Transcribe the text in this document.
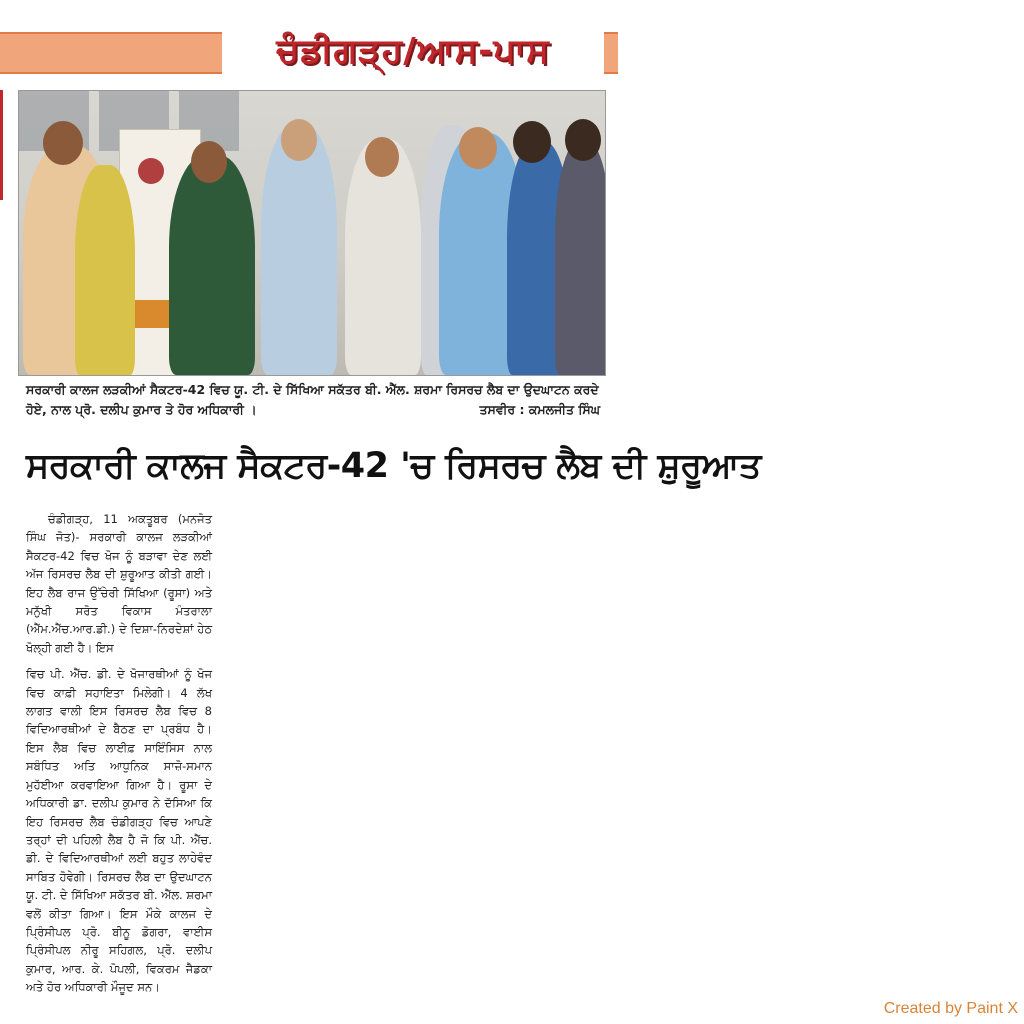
ਚੰਡੀਗੜ੍ਹ/ਆਸ-ਪਾਸ
ਸਰਕਾਰੀ ਕਾਲਜ ਲੜਕੀਆਂ ਸੈਕਟਰ-42 ਵਿਚ ਯੂ. ਟੀ. ਦੇ ਸਿੱਖਿਆ ਸਕੱਤਰ ਬੀ. ਐੱਲ. ਸ਼ਰਮਾ ਰਿਸਰਚ ਲੈਬ ਦਾ ਉਦਘਾਟਨ ਕਰਦੇ ਹੋਏ, ਨਾਲ ਪ੍ਰੋ. ਦਲੀਪ ਕੁਮਾਰ ਤੇ ਹੋਰ ਅਧਿਕਾਰੀ ।	ਤਸਵੀਰ : ਕਮਲਜੀਤ ਸਿੰਘ
ਸਰਕਾਰੀ ਕਾਲਜ ਸੈਕਟਰ-42 'ਚ ਰਿਸਰਚ ਲੈਬ ਦੀ ਸ਼ੁਰੂਆਤ

ਚੰਡੀਗੜ੍ਹ, 11 ਅਕਤੂਬਰ (ਮਨਜੋਤ ਸਿੰਘ ਜੋਤ)- ਸਰਕਾਰੀ ਕਾਲਜ ਲੜਕੀਆਂ ਸੈਕਟਰ-42 ਵਿਚ ਖੋਜ ਨੂੰ ਬੜਾਵਾ ਦੇਣ ਲਈ ਅੱਜ ਰਿਸਰਚ ਲੈਬ ਦੀ ਸ਼ੁਰੂਆਤ ਕੀਤੀ ਗਈ। ਇਹ ਲੈਬ ਰਾਜ ਉੱਚੇਰੀ ਸਿੱਖਿਆ (ਰੂਸਾ) ਅਤੇ ਮਨੁੱਖੀ ਸਰੋਤ ਵਿਕਾਸ ਮੰਤਰਾਲਾ (ਐੱਮ.ਐੱਚ.ਆਰ.ਡੀ.) ਦੇ ਦਿਸ਼ਾ-ਨਿਰਦੇਸ਼ਾਂ ਹੇਠ ਖੋਲ੍ਹੀ ਗਈ ਹੈ। ਇਸ

ਵਿਚ ਪੀ. ਐੱਚ. ਡੀ. ਦੇ ਖੋਜਾਰਥੀਆਂ ਨੂੰ ਖੋਜ ਵਿਚ ਕਾਫ਼ੀ ਸਹਾਇਤਾ ਮਿਲੇਗੀ। 4 ਲੱਖ ਲਾਗਤ ਵਾਲੀ ਇਸ ਰਿਸਰਚ ਲੈਬ ਵਿਚ 8 ਵਿਦਿਆਰਥੀਆਂ ਦੇ ਬੈਠਣ ਦਾ ਪ੍ਰਬੰਧ ਹੈ। ਇਸ ਲੈਬ ਵਿਚ ਲਾਈਫ਼ ਸਾਇੰਸਿਸ ਨਾਲ ਸਬੰਧਿਤ ਅਤਿ ਆਧੁਨਿਕ ਸਾਜ਼ੋ-ਸਮਾਨ ਮੁਹੱਈਆ ਕਰਵਾਇਆ ਗਿਆ ਹੈ। ਰੂਸਾ ਦੇ ਅਧਿਕਾਰੀ ਡਾ. ਦਲੀਪ ਕੁਮਾਰ ਨੇ ਦੱਸਿਆ ਕਿ ਇਹ ਰਿਸਰਚ ਲੈਬ ਚੰਡੀਗੜ੍ਹ ਵਿਚ ਆਪਣੇ ਤਰ੍ਹਾਂ ਦੀ ਪਹਿਲੀ ਲੈਬ ਹੈ ਜੋ ਕਿ ਪੀ. ਐੱਚ. ਡੀ. ਦੇ ਵਿਦਿਆਰਥੀਆਂ ਲਈ ਬਹੁਤ ਲਾਹੇਵੰਦ ਸਾਬਿਤ ਹੋਵੇਗੀ। ਰਿਸਰਚ ਲੈਬ ਦਾ ਉਦਘਾਟਨ ਯੂ. ਟੀ. ਦੇ ਸਿੱਖਿਆ ਸਕੱਤਰ ਬੀ. ਐੱਲ. ਸ਼ਰਮਾ ਵਲੋਂ ਕੀਤਾ ਗਿਆ। ਇਸ ਮੌਕੇ ਕਾਲਜ ਦੇ ਪ੍ਰਿੰਸੀਪਲ ਪ੍ਰੋ. ਬੀਨੂ ਡੋਗਰਾ, ਵਾਈਸ ਪ੍ਰਿੰਸੀਪਲ ਨੀਰੂ ਸਹਿਗਲ, ਪ੍ਰੋ. ਦਲੀਪ ਕੁਮਾਰ, ਆਰ. ਕੇ. ਪੋਪਲੀ, ਵਿਕਰਮ ਜੈਡਕਾ ਅਤੇ ਹੋਰ ਅਧਿਕਾਰੀ ਮੌਜੂਦ ਸਨ।

Created by Paint X
